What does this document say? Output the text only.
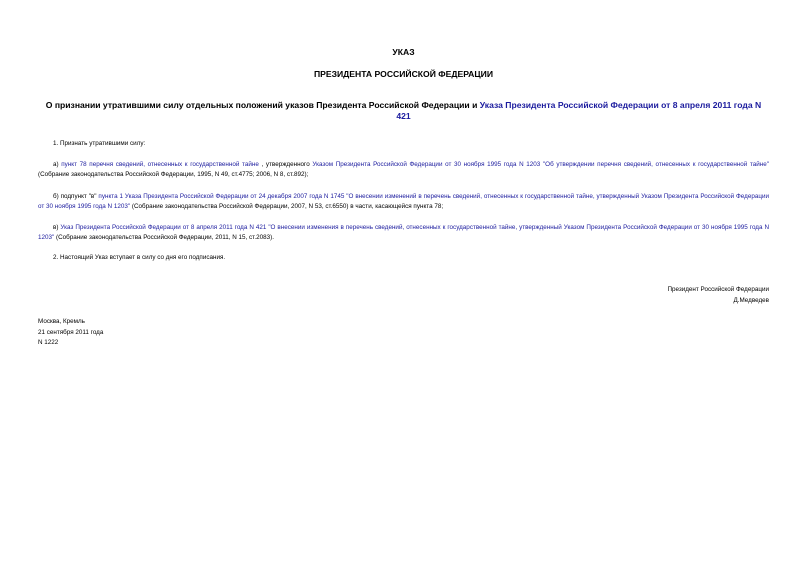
УКАЗ
ПРЕЗИДЕНТА РОССИЙСКОЙ ФЕДЕРАЦИИ
О признании утратившими силу отдельных положений указов Президента Российской Федерации и Указа Президента Российской Федерации от 8 апреля 2011 года N 421
1. Признать утратившими силу:
а) пункт 78 перечня сведений, отнесенных к государственной тайне , утвержденного Указом Президента Российской Федерации от 30 ноября 1995 года N 1203 "Об утверждении перечня сведений, отнесенных к государственной тайне" (Собрание законодательства Российской Федерации, 1995, N 49, ст.4775; 2006, N 8, ст.892);
б) подпункт "в" пункта 1 Указа Президента Российской Федерации от 24 декабря 2007 года N 1745 "О внесении изменений в перечень сведений, отнесенных к государственной тайне, утвержденный Указом Президента Российской Федерации от 30 ноября 1995 года N 1203" (Собрание законодательства Российской Федерации, 2007, N 53, ст.6550) в части, касающейся пункта 78;
в) Указ Президента Российской Федерации от 8 апреля 2011 года N 421 "О внесении изменения в перечень сведений, отнесенных к государственной тайне, утвержденный Указом Президента Российской Федерации от 30 ноября 1995 года N 1203" (Собрание законодательства Российской Федерации, 2011, N 15, ст.2083).
2. Настоящий Указ вступает в силу со дня его подписания.
Президент Российской Федерации
Д.Медведев
Москва, Кремль
21 сентября 2011 года
N 1222
